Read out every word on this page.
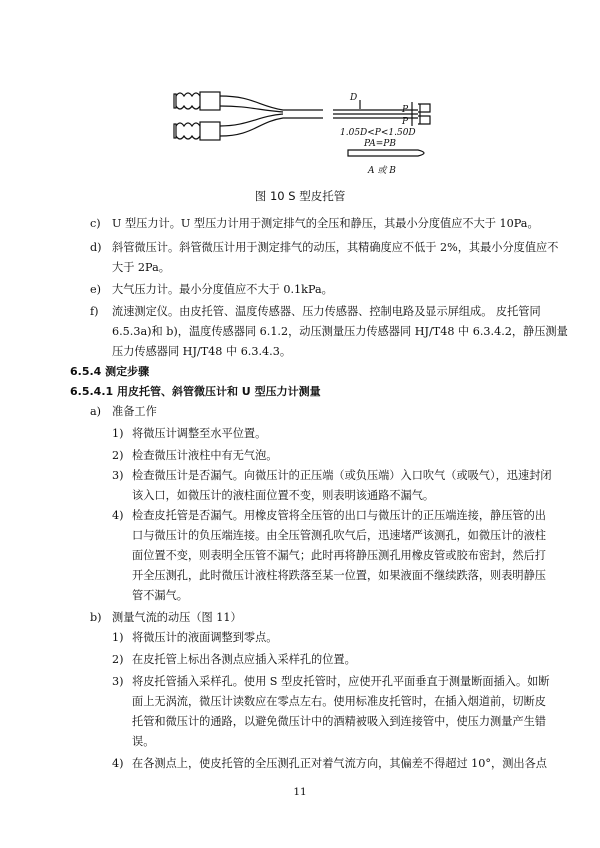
D
P
P
1.05D<P<1.50D
PA=PB
A 或 B
图 10 S 型皮托管
c) U 型压力计。U 型压力计用于测定排气的全压和静压，其最小分度值应不大于 10Pa。
d) 斜管微压计。斜管微压计用于测定排气的动压，其精确度应不低于 2%，其最小分度值应不
大于 2Pa。
e) 大气压力计。最小分度值应不大于 0.1kPa。
f) 流速测定仪。由皮托管、温度传感器、压力传感器、控制电路及显示屏组成。 皮托管同
6.5.3a)和 b)，温度传感器同 6.1.2，动压测量压力传感器同 HJ/T48 中 6.3.4.2，静压测量
压力传感器同 HJ/T48 中 6.3.4.3。
6.5.4 测定步骤
6.5.4.1 用皮托管、斜管微压计和 U 型压力计测量
a) 准备工作
1) 将微压计调整至水平位置。
2) 检查微压计液柱中有无气泡。
3) 检查微压计是否漏气。向微压计的正压端（或负压端）入口吹气（或吸气），迅速封闭
该入口，如微压计的液柱面位置不变，则表明该通路不漏气。
4) 检查皮托管是否漏气。用橡皮管将全压管的出口与微压计的正压端连接，静压管的出
口与微压计的负压端连接。由全压管测孔吹气后，迅速堵严该测孔，如微压计的液柱
面位置不变，则表明全压管不漏气；此时再将静压测孔用橡皮管或胶布密封，然后打
开全压测孔，此时微压计液柱将跌落至某一位置，如果液面不继续跌落，则表明静压
管不漏气。
b) 测量气流的动压（图 11）
1) 将微压计的液面调整到零点。
2) 在皮托管上标出各测点应插入采样孔的位置。
3) 将皮托管插入采样孔。使用 S 型皮托管时，应使开孔平面垂直于测量断面插入。如断
面上无涡流，微压计读数应在零点左右。使用标准皮托管时，在插入烟道前，切断皮
托管和微压计的通路，以避免微压计中的酒精被吸入到连接管中，使压力测量产生错
误。
4) 在各测点上，使皮托管的全压测孔正对着气流方向，其偏差不得超过 10°，测出各点
11
